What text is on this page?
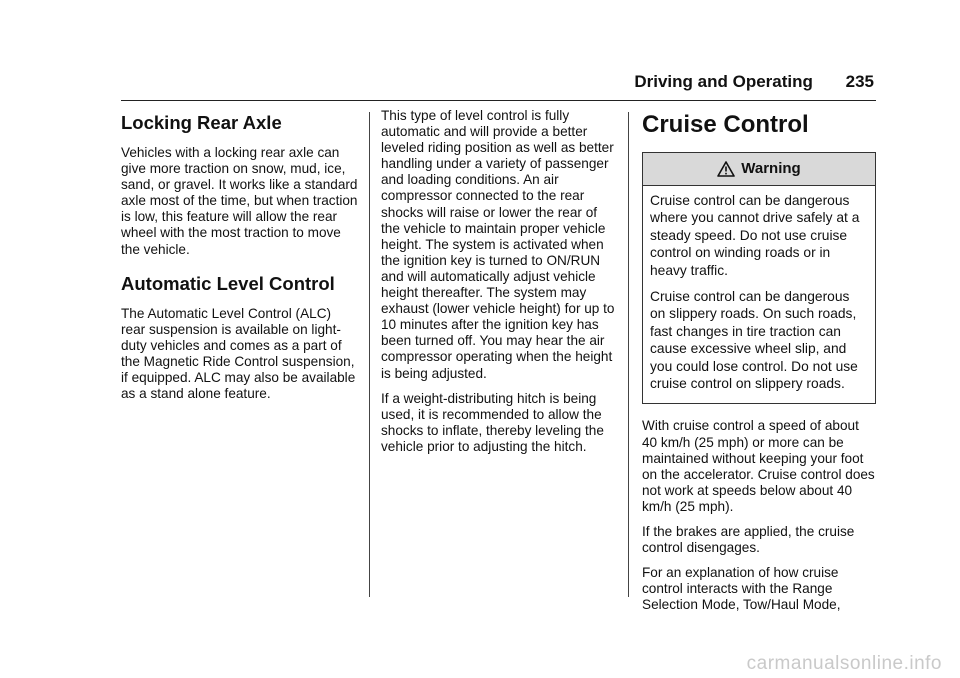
Driving and Operating 235
Locking Rear Axle

Vehicles with a locking rear axle can give more traction on snow, mud, ice, sand, or gravel. It works like a standard axle most of the time, but when traction is low, this feature will allow the rear wheel with the most traction to move the vehicle.

Automatic Level Control

The Automatic Level Control (ALC) rear suspension is available on light-duty vehicles and comes as a part of the Magnetic Ride Control suspension, if equipped. ALC may also be available as a stand alone feature.

This type of level control is fully automatic and will provide a better leveled riding position as well as better handling under a variety of passenger and loading conditions. An air compressor connected to the rear shocks will raise or lower the rear of the vehicle to maintain proper vehicle height. The system is activated when the ignition key is turned to ON/RUN and will automatically adjust vehicle height thereafter. The system may exhaust (lower vehicle height) for up to 10 minutes after the ignition key has been turned off. You may hear the air compressor operating when the height is being adjusted.

If a weight-distributing hitch is being used, it is recommended to allow the shocks to inflate, thereby leveling the vehicle prior to adjusting the hitch.

Cruise Control
Warning

Cruise control can be dangerous where you cannot drive safely at a steady speed. Do not use cruise control on winding roads or in heavy traffic.

Cruise control can be dangerous on slippery roads. On such roads, fast changes in tire traction can cause excessive wheel slip, and you could lose control. Do not use cruise control on slippery roads.

With cruise control a speed of about 40 km/h (25 mph) or more can be maintained without keeping your foot on the accelerator. Cruise control does not work at speeds below about 40 km/h (25 mph).

If the brakes are applied, the cruise control disengages.

For an explanation of how cruise control interacts with the Range Selection Mode, Tow/Haul Mode,

carmanualsonline.info
